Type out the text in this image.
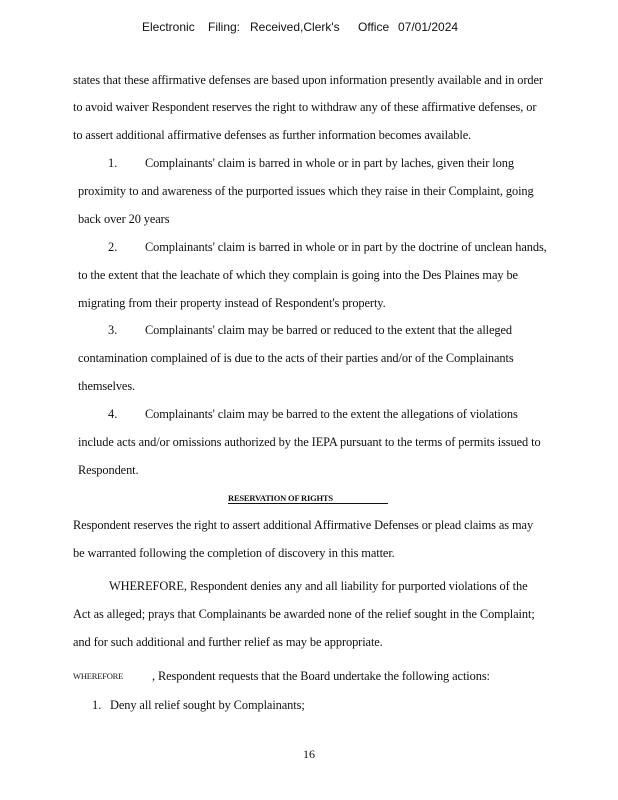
Electronic Filing: Received,Clerk's Office 07/01/2024
states that these affirmative defenses are based upon information presently available and in order
to avoid waiver Respondent reserves the right to withdraw any of these affirmative defenses, or
to assert additional affirmative defenses as further information becomes available.
1. Complainants' claim is barred in whole or in part by laches, given their long
proximity to and awareness of the purported issues which they raise in their Complaint, going
back over 20 years
2. Complainants' claim is barred in whole or in part by the doctrine of unclean hands,
to the extent that the leachate of which they complain is going into the Des Plaines may be
migrating from their property instead of Respondent's property.
3. Complainants' claim may be barred or reduced to the extent that the alleged
contamination complained of is due to the acts of their parties and/or of the Complainants
themselves.
4. Complainants' claim may be barred to the extent the allegations of violations
include acts and/or omissions authorized by the IEPA pursuant to the terms of permits issued to
Respondent.
RESERVATION OF RIGHTS
Respondent reserves the right to assert additional Affirmative Defenses or plead claims as may
be warranted following the completion of discovery in this matter.
WHEREFORE, Respondent denies any and all liability for purported violations of the
Act as alleged; prays that Complainants be awarded none of the relief sought in the Complaint;
and for such additional and further relief as may be appropriate.
WHEREFORE , Respondent requests that the Board undertake the following actions:
1. Deny all relief sought by Complainants;
16
